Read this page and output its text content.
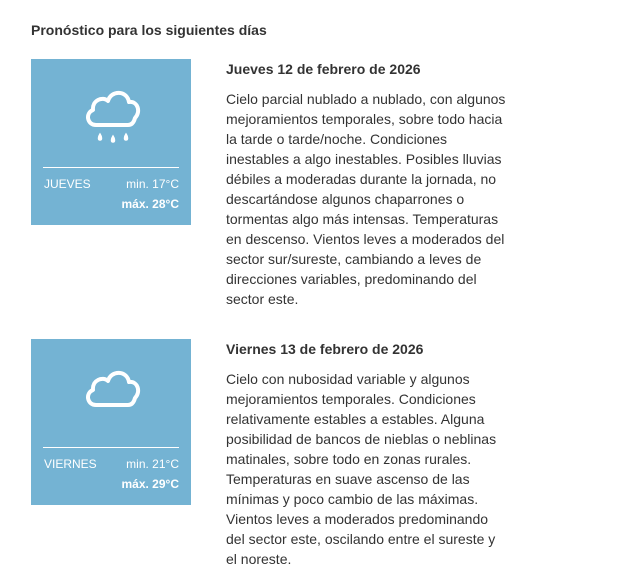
Pronóstico para los siguientes días
JUEVES	min. 17°C
máx. 28°C
Jueves 12 de febrero de 2026

Cielo parcial nublado a nublado, con algunos mejoramientos temporales, sobre todo hacia la tarde o tarde/noche. Condiciones inestables a algo inestables. Posibles lluvias débiles a moderadas durante la jornada, no descartándose algunos chaparrones o tormentas algo más intensas. Temperaturas en descenso. Vientos leves a moderados del sector sur/sureste, cambiando a leves de direcciones variables, predominando del sector este.

VIERNES min. 21°C
máx. 29°C
Viernes 13 de febrero de 2026

Cielo con nubosidad variable y algunos mejoramientos temporales. Condiciones relativamente estables a estables. Alguna posibilidad de bancos de nieblas o neblinas matinales, sobre todo en zonas rurales. Temperaturas en suave ascenso de las mínimas y poco cambio de las máximas. Vientos leves a moderados predominando del sector este, oscilando entre el sureste y el noreste.
